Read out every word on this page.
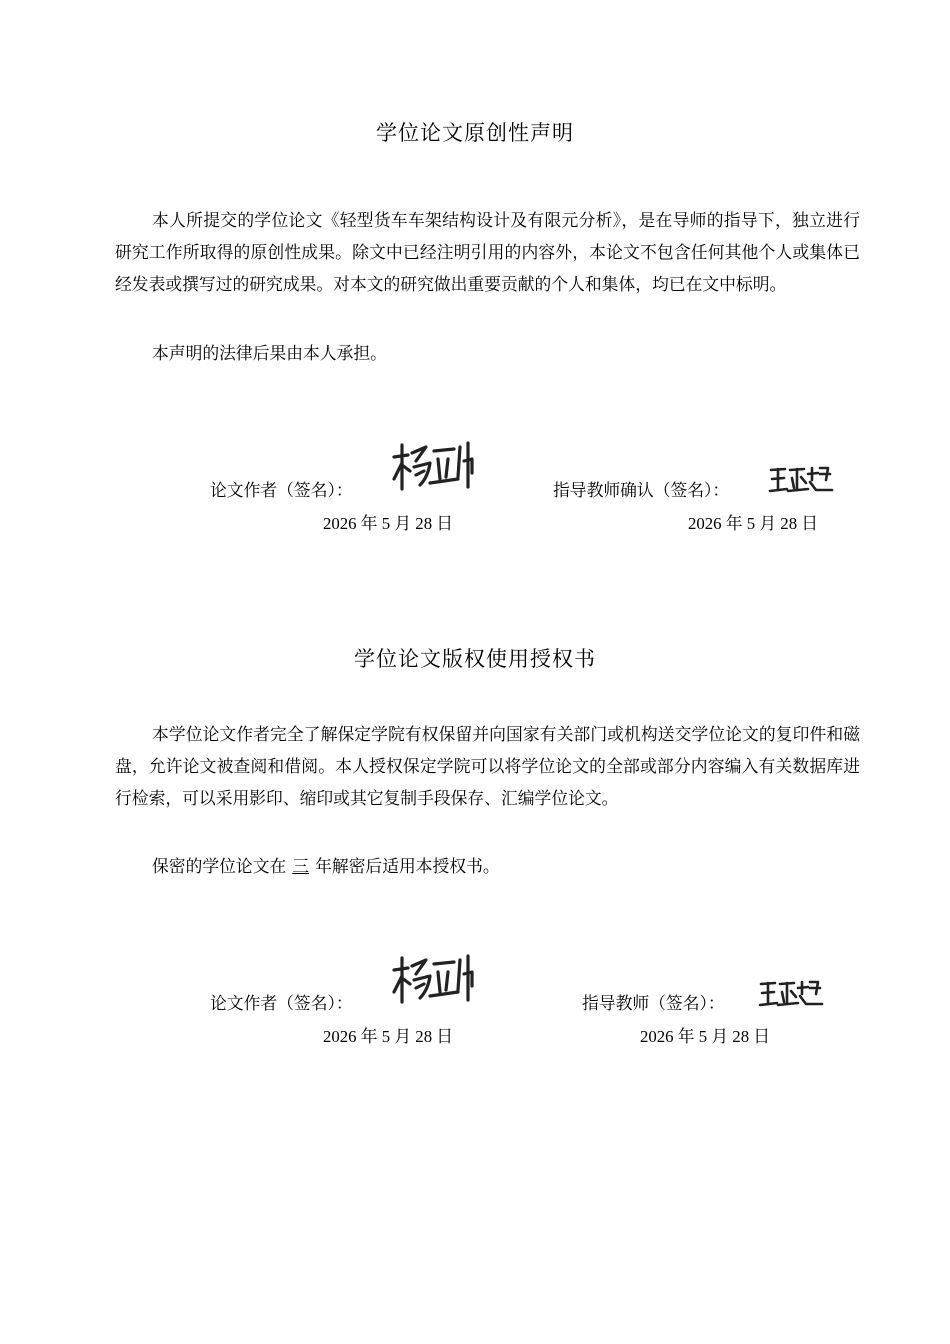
学位论文原创性声明

本人所提交的学位论文《轻型货车车架结构设计及有限元分析》，是在导师的指导下，独立进行研究工作所取得的原创性成果。除文中已经注明引用的内容外，本论文不包含任何其他个人或集体已经发表或撰写过的研究成果。对本文的研究做出重要贡献的个人和集体，均已在文中标明。

本声明的法律后果由本人承担。

论文作者（签名）：
2026 年 5 月 28 日
指导教师确认（签名）：
2026 年 5 月 28 日
学位论文版权使用授权书

本学位论文作者完全了解保定学院有权保留并向国家有关部门或机构送交学位论文的复印件和磁盘，允许论文被查阅和借阅。本人授权保定学院可以将学位论文的全部或部分内容编入有关数据库进行检索，可以采用影印、缩印或其它复制手段保存、汇编学位论文。

保密的学位论文在 三 年解密后适用本授权书。

论文作者（签名）：
2026 年 5 月 28 日
指导教师（签名）：
2026 年 5 月 28 日
